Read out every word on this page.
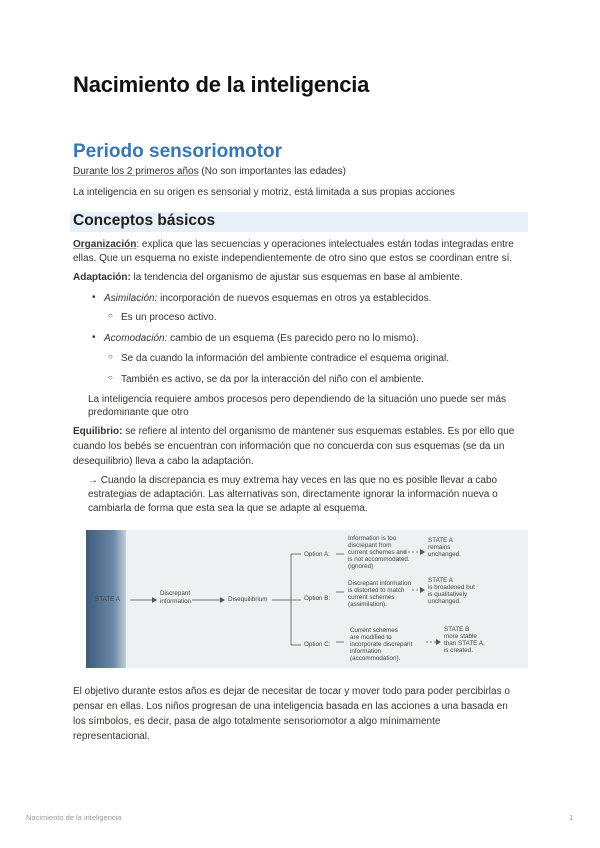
Nacimiento de la inteligencia
Periodo sensoriomotor
Durante los 2 primeros años (No son importantes las edades)
La inteligencia en su origen es sensorial y motriz, está limitada a sus propias acciones
Conceptos básicos
Organización: explica que las secuencias y operaciones intelectuales están todas integradas entre
ellas. Que un esquema no existe independientemente de otro sino que estos se coordinan entre sí.
Adaptación: la tendencia del organismo de ajustar sus esquemas en base al ambiente.
• Asimilación: incorporación de nuevos esquemas en otros ya establecidos.
○ Es un proceso activo.
• Acomodación: cambio de un esquema (Es parecido pero no lo mismo).
○ Se da cuando la información del ambiente contradice el esquema original.
○ También es activo, se da por la interacción del niño con el ambiente.
La inteligencia requiere ambos procesos pero dependiendo de la situación uno puede ser más
predominante que otro
Equilibrio: se refiere al intento del organismo de mantener sus esquemas estables. Es por ello que
cuando los bebés se encuentran con información que no concuerda con sus esquemas (se da un
desequilibrio) lleva a cabo la adaptación.
→ Cuando la discrepancia es muy extrema hay veces en las que no es posible llevar a cabo
estrategias de adaptación. Las alternativas son, directamente ignorar la información nueva o
cambiarla de forma que esta sea la que se adapte al esquema.
STATE A
Discrepant
information	Disequilibrium
Option A:
Option B:
Option C:
Information is too
discrepant from
current schemes and
is not accommodated.
(ignored)
Discrepant information
is distorted to match
current schemes
(assimilation).
Current schemes
are modified to
incorporate discrepant
information
(accommodation).
STATE A
remains
unchanged.
STATE A
is broadened but
is qualitatively
unchanged.
STATE B
more stable
than STATE A,
is created.
El objetivo durante estos años es dejar de necesitar de tocar y mover todo para poder percibirlas o
pensar en ellas. Los niños progresan de una inteligencia basada en las acciones a una basada en
los símbolos, es decir, pasa de algo totalmente sensoriomotor a algo mínimamente
representacional.
Nacimiento de la inteligencia	1
